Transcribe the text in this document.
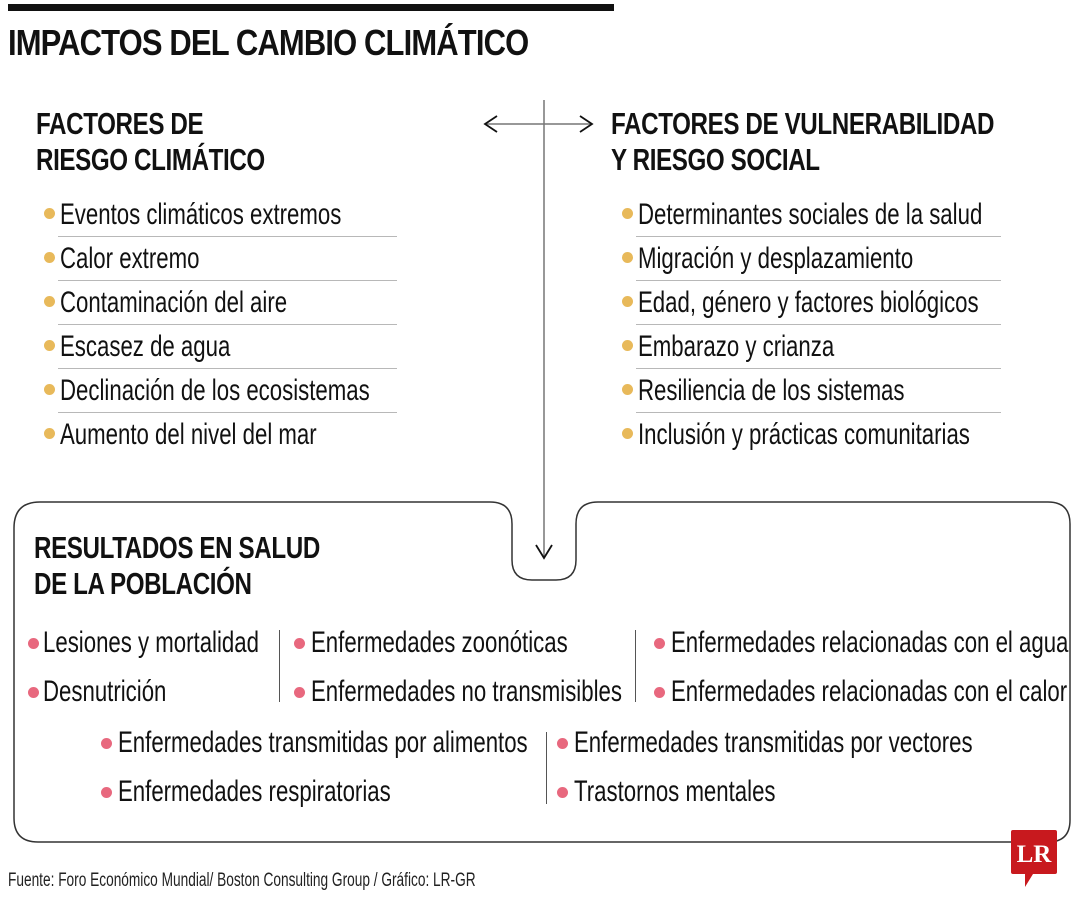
IMPACTOS DEL CAMBIO CLIMÁTICO
FACTORES DE
RIESGO CLIMÁTICO
Eventos climáticos extremos
Calor extremo
Contaminación del aire
Escasez de agua
Declinación de los ecosistemas
Aumento del nivel del mar
FACTORES DE VULNERABILIDAD
Y RIESGO SOCIAL
Determinantes sociales de la salud
Migración y desplazamiento
Edad, género y factores biológicos
Embarazo y crianza
Resiliencia de los sistemas
Inclusión y prácticas comunitarias
RESULTADOS EN SALUD
DE LA POBLACIÓN
Lesiones y mortalidad
Desnutrición
Enfermedades zoonóticas
Enfermedades no transmisibles
Enfermedades relacionadas con el agua
Enfermedades relacionadas con el calor
Enfermedades transmitidas por alimentos
Enfermedades respiratorias
Enfermedades transmitidas por vectores
Trastornos mentales
Fuente: Foro Económico Mundial/ Boston Consulting Group / Gráfico: LR-GR
LR
